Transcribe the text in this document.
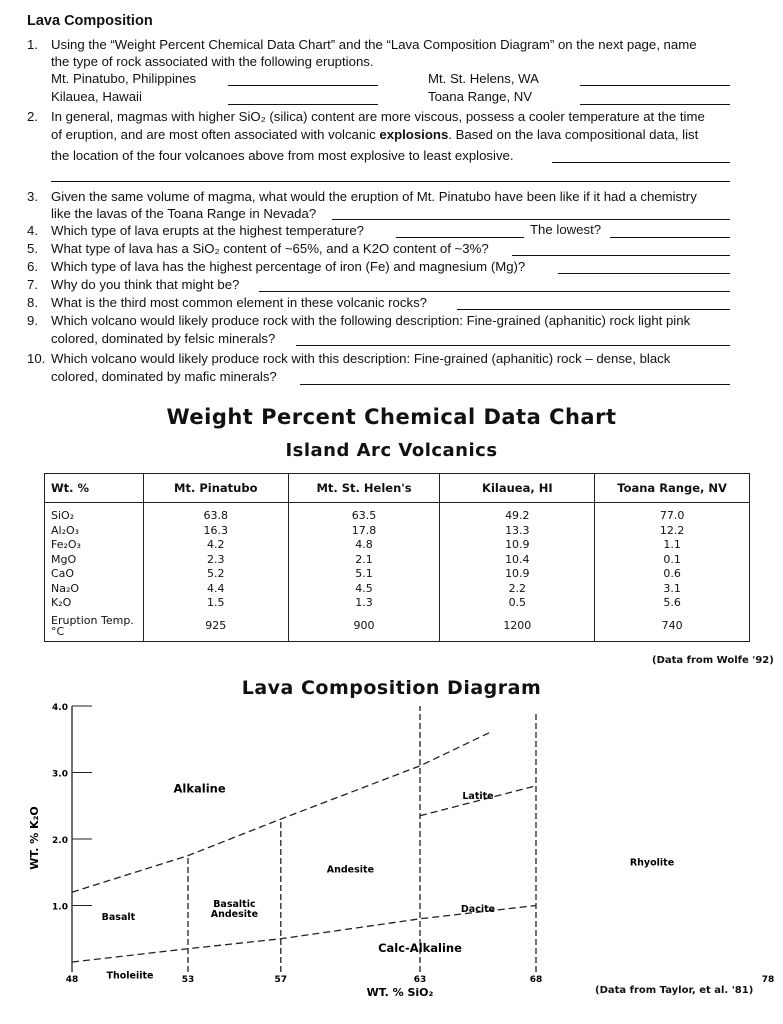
Lava Composition
1. Using the “Weight Percent Chemical Data Chart” and the “Lava Composition Diagram” on the next page, name
the type of rock associated with the following eruptions.
Mt. Pinatubo, Philippines	Mt. St. Helens, WA
Kilauea, Hawaii	Toana Range, NV
2. In general, magmas with higher SiO₂ (silica) content are more viscous, possess a cooler temperature at the time
of eruption, and are most often associated with volcanic explosions. Based on the lava compositional data, list
the location of the four volcanoes above from most explosive to least explosive.
3. Given the same volume of magma, what would the eruption of Mt. Pinatubo have been like if it had a chemistry
like the lavas of the Toana Range in Nevada?
4. Which type of lava erupts at the highest temperature?	The lowest?
5. What type of lava has a SiO₂ content of ~65%, and a K2O content of ~3%?
6. Which type of lava has the highest percentage of iron (Fe) and magnesium (Mg)?
7. Why do you think that might be?
8. What is the third most common element in these volcanic rocks?
9. Which volcano would likely produce rock with the following description: Fine-grained (aphanitic) rock light pink
colored, dominated by felsic minerals?
10. Which volcano would likely produce rock with this description: Fine-grained (aphanitic) rock – dense, black
colored, dominated by mafic minerals?
Weight Percent Chemical Data Chart
Island Arc Volcanics
Wt. %	Mt. Pinatubo	Mt. St. Helen's	Kilauea, HI	Toana Range, NV
SiO₂	63.8	63.5	49.2	77.0
Al₂O₃	16.3	17.8	13.3	12.2
Fe₂O₃	4.2	4.8	10.9	1.1
MgO	2.3	2.1	10.4	0.1
CaO	5.2	5.1	10.9	0.6
Na₂O	4.4	4.5	2.2	3.1
K₂O	1.5	1.3	0.5	5.6
Eruption Temp. °C	925	900	1200	740
(Data from Wolfe '92)
Lava Composition Diagram
4.0
3.0
2.0
1.0
48	53	57	63	68	78
WT. % K₂O
WT. % SiO₂
Alkaline
Latite
Rhyolite
Andesite
Basalt
Basaltic Andesite	Dacite
Calc-Alkaline
Tholeiite
(Data from Taylor, et al. '81)
